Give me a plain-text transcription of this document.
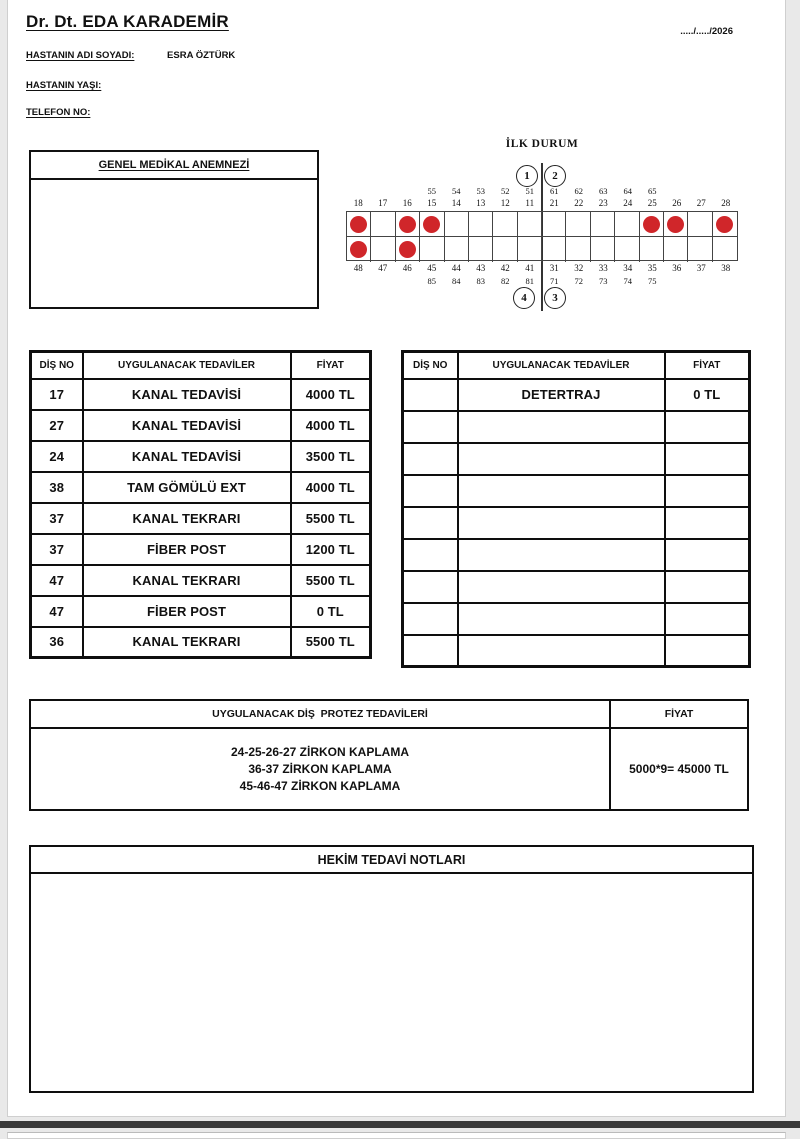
Dr. Dt. EDA KARADEMİR
...../...../2026
HASTANIN ADI SOYADI:	ESRA ÖZTÜRK
HASTANIN YAŞI:
TELEFON NO:
GENEL MEDİKAL ANEMNEZİ
İLK DURUM
1	2
4	3
55	54	53	52	51	61	62	63	64	65
18	17	16	15	14	13	12	11	21	22	23	24	25	26	27	28
48	47	46	45	44	43	42	41	31	32	33	34	35	36	37	38
85	84	83	82	81	71	72	73	74	75
DİŞ NO	UYGULANACAK TEDAVİLER	FİYAT
17	KANAL TEDAVİSİ	4000 TL
27	KANAL TEDAVİSİ	4000 TL
24	KANAL TEDAVİSİ	3500 TL
38	TAM GÖMÜLÜ EXT	4000 TL
37	KANAL TEKRARI	5500 TL
37	FİBER POST	1200 TL
47	KANAL TEKRARI	5500 TL
47	FİBER POST	0 TL
36	KANAL TEKRARI	5500 TL
DİŞ NO	UYGULANACAK TEDAVİLER	FİYAT
	DETERTRAJ	0 TL

UYGULANACAK DİŞ  PROTEZ TEDAVİLERİ	FİYAT
24-25-26-27 ZİRKON KAPLAMA
36-37 ZİRKON KAPLAMA
45-46-47 ZİRKON KAPLAMA
5000*9= 45000 TL
HEKİM TEDAVİ NOTLARI
